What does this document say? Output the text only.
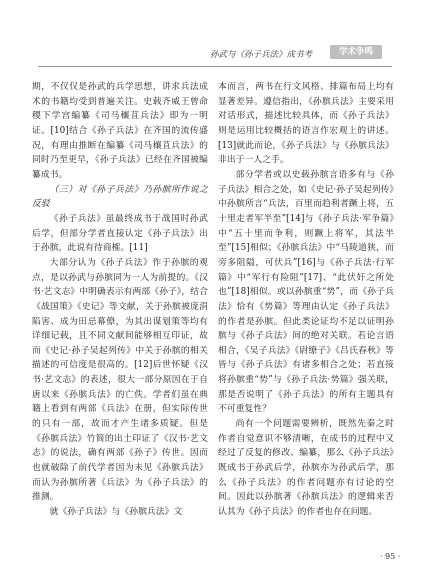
孙武与《孙子兵法》成书考	学术争鸣

期，不仅仅是孙武的兵学思想，讲求兵法成术的书籍均受到普遍关注。史载齐威王曾命稷下学宫编纂《司马穰苴兵法》即为一明证。[10]结合《孙子兵法》在齐国的流传盛况，有理由推断在编纂《司马穰苴兵法》的同时乃至更早，《孙子兵法》已经在齐国被编纂成书。

（三）对《孙子兵法》乃孙膑所作说之反驳

《孙子兵法》虽最终成书于战国时孙武后学，但部分学者直接认定《孙子兵法》出于孙膑，此说有待商榷。[11]

大部分认为《孙子兵法》作于孙膑的观点，是以孙武与孙膑同为一人为前提的。《汉书·艺文志》中明确表示有两部《孙子》，结合《战国策》《史记》等文献，关于孙膑被庞涓陷害、成为田忌幕僚，为其出谋划策等均有详细记载，且不同文献间能够相互印证，故而《史记·孙子吴起列传》中关于孙膑的相关描述的可信度是很高的。[12]后世怀疑《汉书·艺文志》的表述，很大一部分原因在于自唐以来《孙膑兵法》的亡佚。学者们虽在典籍上看到有两部《兵法》在册，但实际传世的只有一部，故而才产生诸多质疑。但是《孙膑兵法》竹简的出土印证了《汉书·艺文志》的说法，确有两部《孙子》传世。因而也就破除了前代学者因为未见《孙膑兵法》而认为孙膑所著《兵法》为《孙子兵法》的推测。

就《孙子兵法》与《孙膑兵法》文

本而言，两书在行文风格、排篇布局上均有显著差异。遵信指出，《孙膑兵法》主要采用对话形式，描述比较具体，而《孙子兵法》则是运用比较概括的语言作宏观上的讲述。[13]就此而论，《孙子兵法》与《孙膑兵法》非出于一人之手。

部分学者或以史载孙膑言语多有与《孙子兵法》相合之处，如《史记·孙子吴起列传》中孙膑所言“兵法，百里而趋利者蹶上将，五十里走者军半至”[14]与《孙子兵法·军争篇》中“五十里而争利，则蹶上将军，其法半至”[15]相似；《孙膑兵法》中“马陵道狭，而旁多阻隘，可伏兵”[16]与《孙子兵法·行军篇》中“军行有险阻”[17]、“此伏奸之所处也”[18]相似。或以孙膑重“势”，而《孙子兵法》恰有《势篇》等理由认定《孙子兵法》的作者是孙膑。但此类论证均不足以证明孙膑与《孙子兵法》间的绝对关联。若论言语相合，《吴子兵法》《尉缭子》《吕氏春秋》等皆与《孙子兵法》有诸多相合之处；若直接将孙膑重“势”与《孙子兵法·势篇》强关联，那是否说明了《孙子兵法》的所有主题具有不可重复性？

尚有一个问题需要辨析，既然先秦之时作者自觉意识不够清晰，在成书的过程中又经过了反复的修改、编纂，那么《孙子兵法》既成书于孙武后学，孙膑亦为孙武后学，那么《孙子兵法》的作者问题亦有讨论的空间。因此以孙膑著《孙膑兵法》的逻辑来否认其为《孙子兵法》的作者也存在问题。

· 95 ·
